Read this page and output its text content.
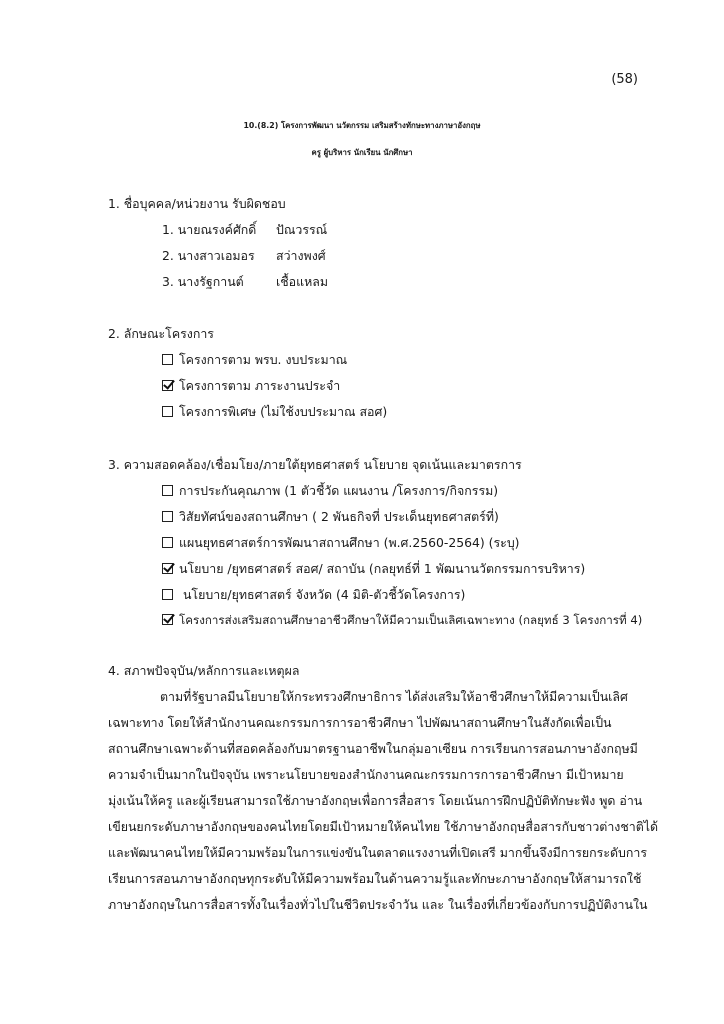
(58)
10.(8.2) โครงการพัฒนา นวัตกรรม เสริมสร้างทักษะทางภาษาอังกฤษ
ครู ผู้บริหาร นักเรียน นักศึกษา
1. ชื่อบุคคล/หน่วยงาน รับผิดชอบ
1. นายณรงค์ศักดิ์ ปัณวรรณ์
2. นางสาวเอมอร สว่างพงศ์
3. นางรัฐกานต์	เชื้อแหลม
2. ลักษณะโครงการ
โครงการตาม พรบ. งบประมาณ
โครงการตาม ภาระงานประจำ
โครงการพิเศษ (ไม่ใช้งบประมาณ สอศ)
3. ความสอดคล้อง/เชื่อมโยง/ภายใต้ยุทธศาสตร์ นโยบาย จุดเน้นและมาตรการ
การประกันคุณภาพ (1 ตัวชี้วัด แผนงาน /โครงการ/กิจกรรม)
วิสัยทัศน์ของสถานศึกษา ( 2 พันธกิจที่ ประเด็นยุทธศาสตร์ที่)
แผนยุทธศาสตร์การพัฒนาสถานศึกษา (พ.ศ.2560-2564) (ระบุ)
นโยบาย /ยุทธศาสตร์ สอศ/ สถาบัน (กลยุทธ์ที่ 1 พัฒนานวัตกรรมการบริหาร)
นโยบาย/ยุทธศาสตร์ จังหวัด (4 มิติ-ตัวชี้วัดโครงการ)
โครงการส่งเสริมสถานศึกษาอาชีวศึกษาให้มีความเป็นเลิศเฉพาะทาง (กลยุทธ์ 3 โครงการที่ 4)
4. สภาพปัจจุบัน/หลักการและเหตุผล
ตามที่รัฐบาลมีนโยบายให้กระทรวงศึกษาธิการ ได้ส่งเสริมให้อาชีวศึกษาให้มีความเป็นเลิศ
เฉพาะทาง โดยให้สำนักงานคณะกรรมการการอาชีวศึกษา ไปพัฒนาสถานศึกษาในสังกัดเพื่อเป็น
สถานศึกษาเฉพาะด้านที่สอดคล้องกับมาตรฐานอาชีพในกลุ่มอาเซียน การเรียนการสอนภาษาอังกฤษมี
ความจำเป็นมากในปัจจุบัน เพราะนโยบายของสำนักงานคณะกรรมการการอาชีวศึกษา มีเป้าหมาย
มุ่งเน้นให้ครู และผู้เรียนสามารถใช้ภาษาอังกฤษเพื่อการสื่อสาร โดยเน้นการฝึกปฏิบัติทักษะฟัง พูด อ่าน
เขียนยกระดับภาษาอังกฤษของคนไทยโดยมีเป้าหมายให้คนไทย ใช้ภาษาอังกฤษสื่อสารกับชาวต่างชาติได้
และพัฒนาคนไทยให้มีความพร้อมในการแข่งขันในตลาดแรงงานที่เปิดเสรี มากขึ้นจึงมีการยกระดับการ
เรียนการสอนภาษาอังกฤษทุกระดับให้มีความพร้อมในด้านความรู้และทักษะภาษาอังกฤษให้สามารถใช้
ภาษาอังกฤษในการสื่อสารทั้งในเรื่องทั่วไปในชีวิตประจำวัน และ ในเรื่องที่เกี่ยวข้องกับการปฏิบัติงานใน
